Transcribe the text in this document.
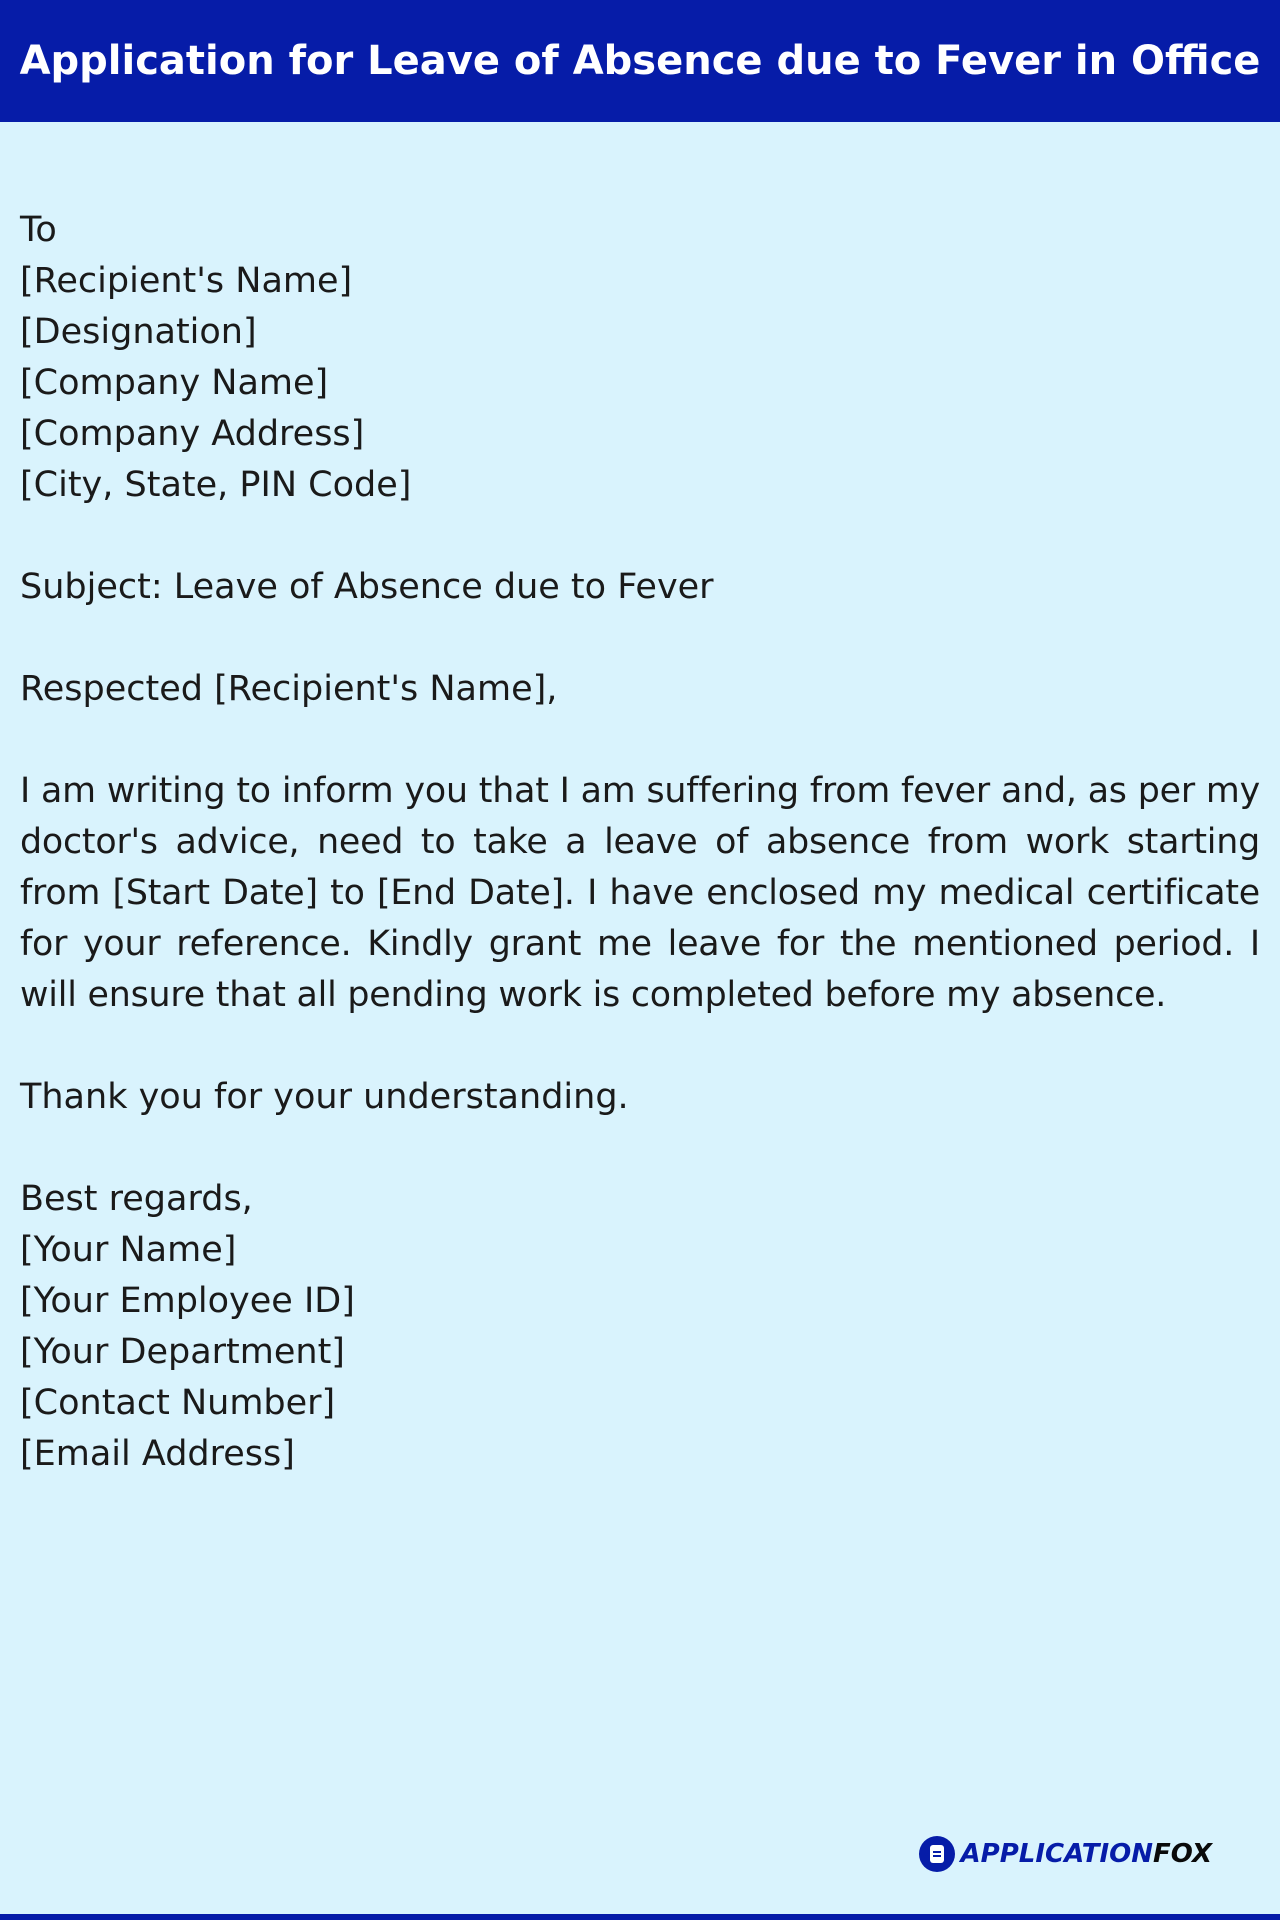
Application for Leave of Absence due to Fever in Office
To
[Recipient's Name]
[Designation]
[Company Name]
[Company Address]
[City, State, PIN Code]
Subject: Leave of Absence due to Fever
Respected [Recipient's Name],
I am writing to inform you that I am suffering from fever and, as per my doctor's advice, need to take a leave of absence from work starting from [Start Date] to [End Date]. I have enclosed my medical certificate for your reference. Kindly grant me leave for the mentioned period. I will ensure that all pending work is completed before my absence.
Thank you for your understanding.
Best regards,
[Your Name]
[Your Employee ID]
[Your Department]
[Contact Number]
[Email Address]
APPLICATIONFOX
